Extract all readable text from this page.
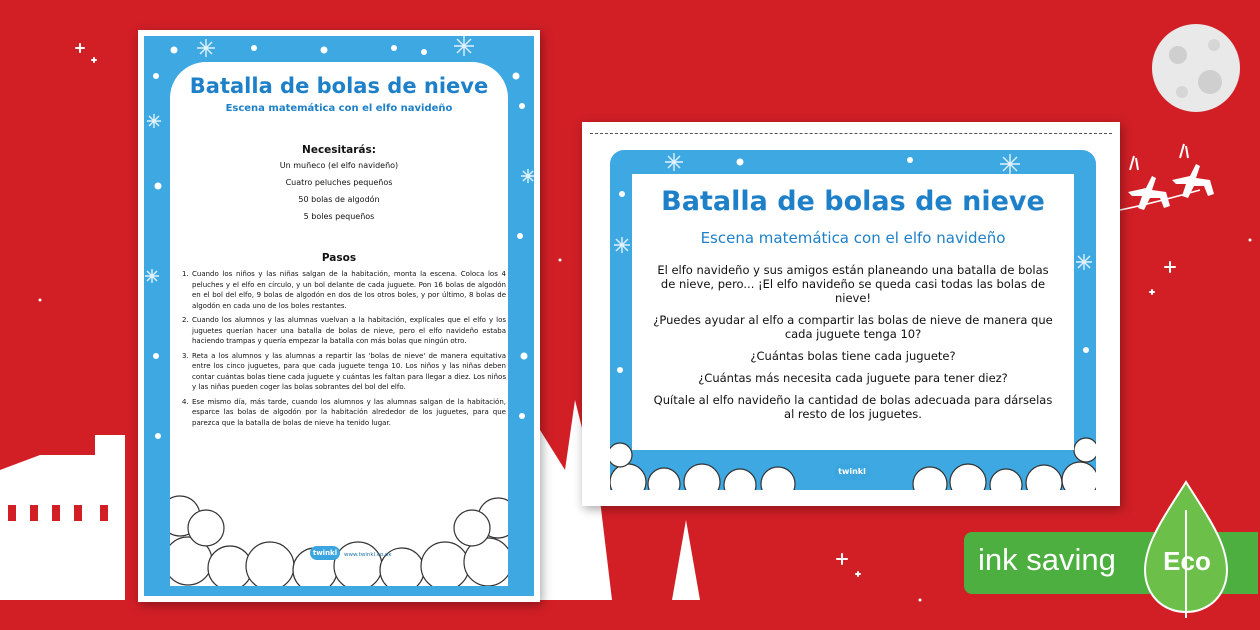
Batalla de bolas de nieve
Escena matemática con el elfo navideño
Necesitarás:
Un muñeco (el elfo navideño)
Cuatro peluches pequeños
50 bolas de algodón
5 boles pequeños
Pasos
1. Cuando los niños y las niñas salgan de la habitación, monta la escena. Coloca los 4 peluches y el elfo en círculo, y un bol delante de cada juguete. Pon 16 bolas de algodón en el bol del elfo, 9 bolas de algodón en dos de los otros boles, y por último, 8 bolas de algodón en cada uno de los boles restantes.
2. Cuando los alumnos y las alumnas vuelvan a la habitación, explícales que el elfo y los juguetes querían hacer una batalla de bolas de nieve, pero el elfo navideño estaba haciendo trampas y quería empezar la batalla con más bolas que ningún otro.
3. Reta a los alumnos y las alumnas a repartir las 'bolas de nieve' de manera equitativa entre los cinco juguetes, para que cada juguete tenga 10. Los niños y las niñas deben contar cuántas bolas tiene cada juguete y cuántas les faltan para llegar a diez. Los niños y las niñas pueden coger las bolas sobrantes del bol del elfo.
4. Ese mismo día, más tarde, cuando los alumnos y las alumnas salgan de la habitación, esparce las bolas de algodón por la habitación alrededor de los juguetes, para que parezca que la batalla de bolas de nieve ha tenido lugar.
twinkl	www.twinkl.co.uk
Batalla de bolas de nieve
Escena matemática con el elfo navideño

El elfo navideño y sus amigos están planeando una batalla de bolas de nieve, pero... ¡El elfo navideño se queda casi todas las bolas de nieve!

¿Puedes ayudar al elfo a compartir las bolas de nieve de manera que cada juguete tenga 10?

¿Cuántas bolas tiene cada juguete?

¿Cuántas más necesita cada juguete para tener diez?

Quítale al elfo navideño la cantidad de bolas adecuada para dárselas al resto de los juguetes.

twinkl
ink saving	Eco
